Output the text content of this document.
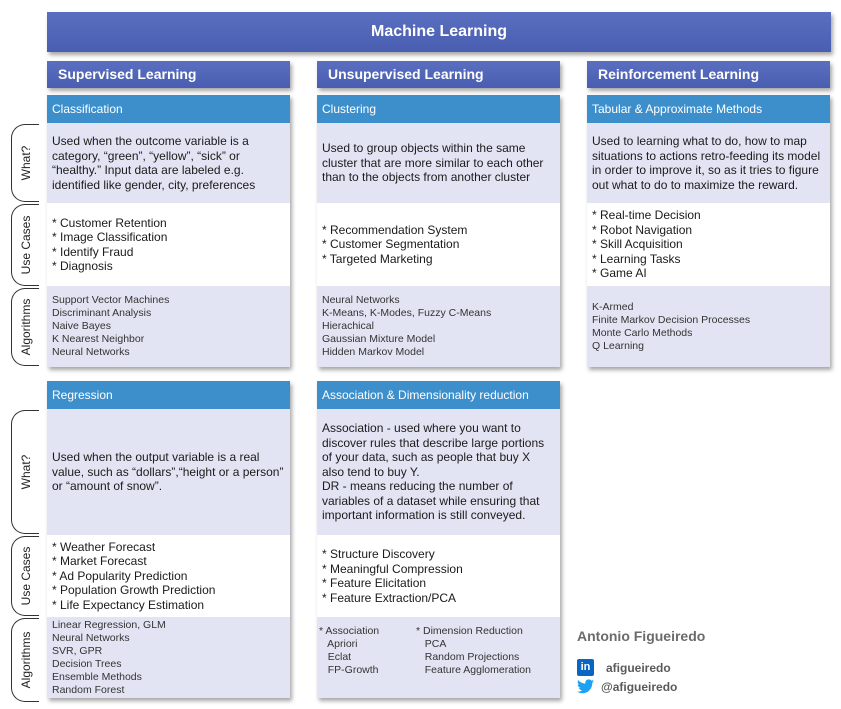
Machine Learning
Supervised Learning	Unsupervised Learning	Reinforcement Learning
What?
Use Cases
Algorithms
What?
Use Cases
Algorithms
Classification
Used when the outcome variable is a category, “green”, “yellow”, “sick” or “healthy.” Input data are labeled e.g. identified like gender, city, preferences
* Customer Retention
* Image Classification
* Identify Fraud
* Diagnosis
Support Vector Machines
Discriminant Analysis
Naive Bayes
K Nearest Neighbor
Neural Networks
Clustering
Used to group objects within the same cluster that are more similar to each other than to the objects from another cluster
* Recommendation System
* Customer Segmentation
* Targeted Marketing
Neural Networks
K-Means, K-Modes, Fuzzy C-Means
Hierachical
Gaussian Mixture Model
Hidden Markov Model
Tabular & Approximate Methods
Used to learning what to do, how to map situations to actions retro-feeding its model in order to improve it, so as it tries to figure out what to do to maximize the reward.
* Real-time Decision
* Robot Navigation
* Skill Acquisition
* Learning Tasks
* Game AI
K-Armed
Finite Markov Decision Processes
Monte Carlo Methods
Q Learning
Regression
Used when the output variable is a real value, such as “dollars”,“height or a person” or “amount of snow”.
* Weather Forecast
* Market Forecast
* Ad Popularity Prediction
* Population Growth Prediction
* Life Expectancy Estimation
Linear Regression, GLM
Neural Networks
SVR, GPR
Decision Trees
Ensemble Methods
Random Forest
Association & Dimensionality reduction
Association - used where you want to discover rules that describe large portions of your data, such as people that buy X also tend to buy Y.
DR - means reducing the number of variables of a dataset while ensuring that important information is still conveyed.
* Structure Discovery
* Meaningful Compression
* Feature Elicitation
* Feature Extraction/PCA
* Association
Apriori
Eclat
FP-Growth
* Dimension Reduction
PCA
Random Projections
Feature Agglomeration
Antonio Figueiredo
in	afigueiredo
@afigueiredo
